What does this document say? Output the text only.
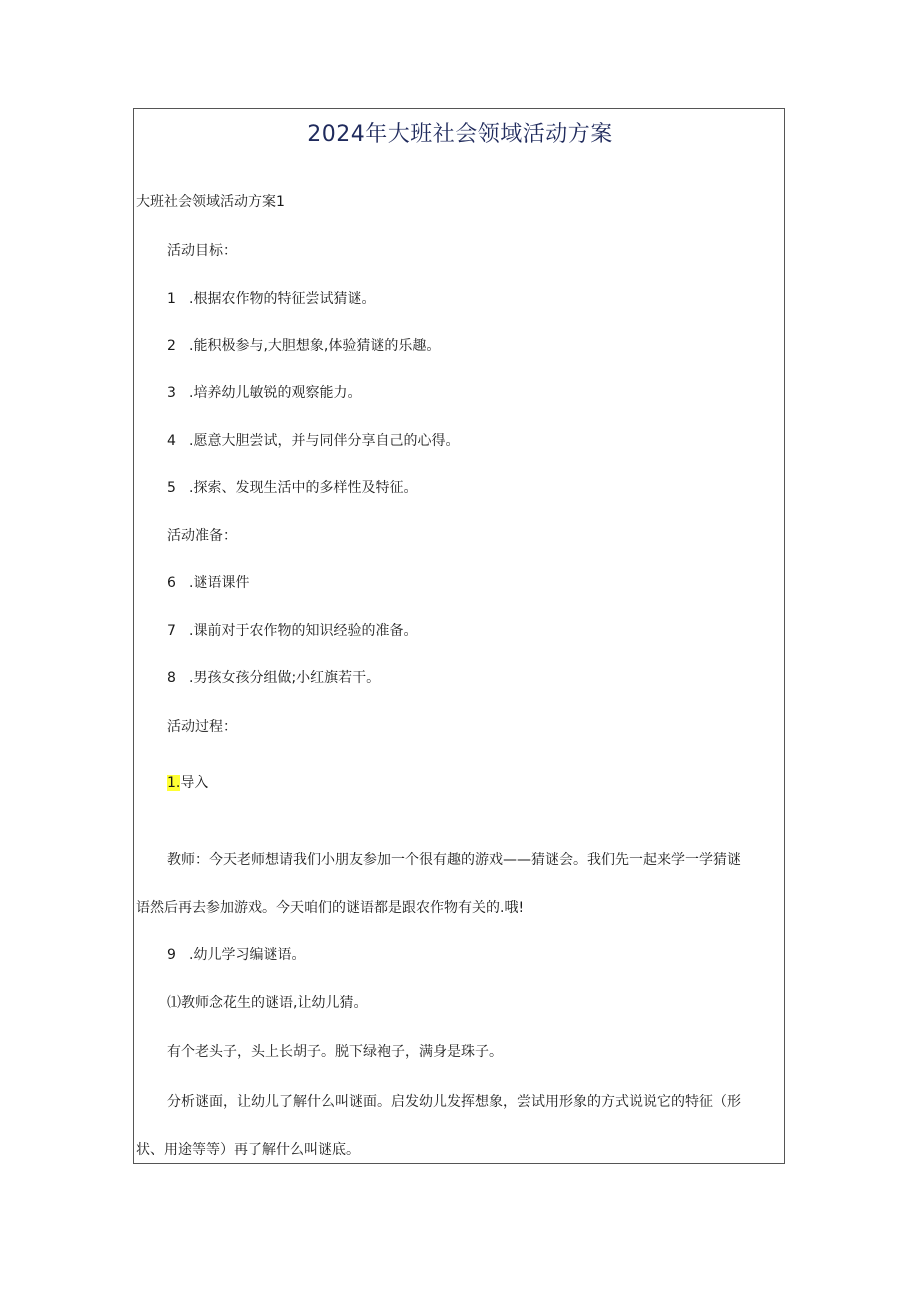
2024年大班社会领域活动方案
大班社会领域活动方案1
活动目标：
1 .根据农作物的特征尝试猜谜。
2 .能积极参与,大胆想象,体验猜谜的乐趣。
3 .培养幼儿敏锐的观察能力。
4 .愿意大胆尝试，并与同伴分享自己的心得。
5 .探索、发现生活中的多样性及特征。
活动准备：
6 .谜语课件
7 .课前对于农作物的知识经验的准备。
8 .男孩女孩分组做;小红旗若干。
活动过程：
1.导入
教师：今天老师想请我们小朋友参加一个很有趣的游戏——猜谜会。我们先一起来学一学猜谜
语然后再去参加游戏。今天咱们的谜语都是跟农作物有关的.哦!
9 .幼儿学习编谜语。
⑴教师念花生的谜语,让幼儿猜。
有个老头子，头上长胡子。脱下绿袍子，满身是珠子。
分析谜面，让幼儿了解什么叫谜面。启发幼儿发挥想象，尝试用形象的方式说说它的特征（形
状、用途等等）再了解什么叫谜底。
